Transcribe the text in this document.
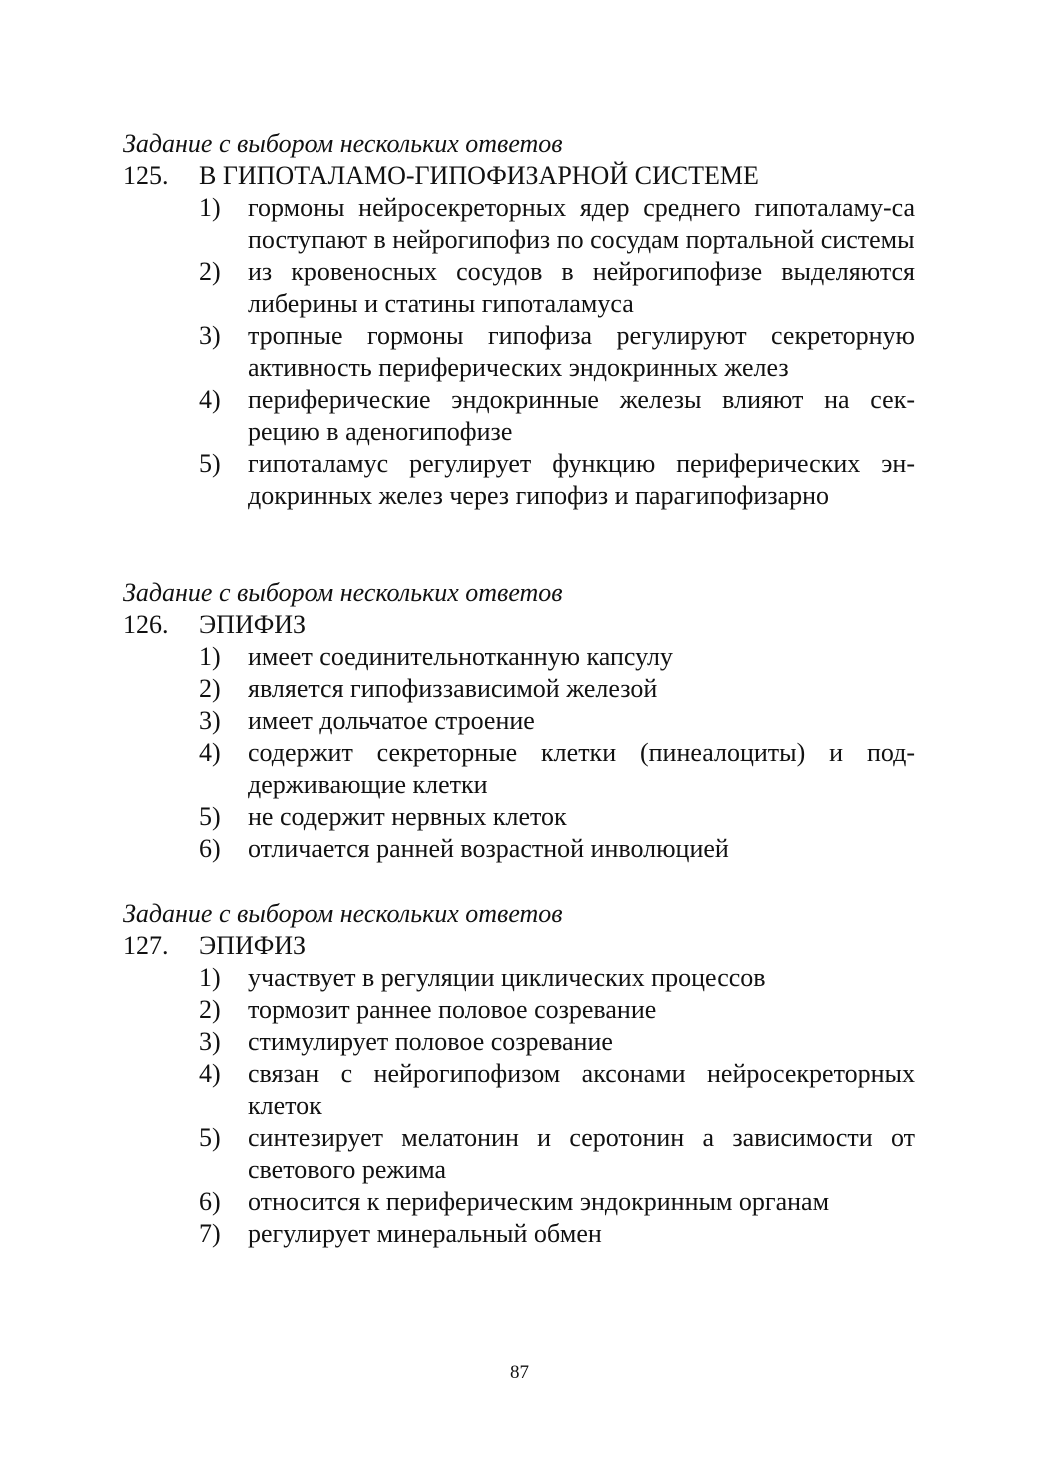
Задание с выбором нескольких ответов
125. В ГИПОТАЛАМО-ГИПОФИЗАРНОЙ СИСТЕМЕ
1) гормоны нейросекреторных ядер среднего гипоталаму-са поступают в нейрогипофиз по сосудам портальной системы
2) из кровеносных сосудов в нейрогипофизе выделяются либерины и статины гипоталамуса
3) тропные гормоны гипофиза регулируют секреторную активность периферических эндокринных желез
4) периферические эндокринные железы влияют на сек-рецию в аденогипофизе
5) гипоталамус регулирует функцию периферических эн-докринных желез через гипофиз и парагипофизарно
Задание с выбором нескольких ответов
126. ЭПИФИЗ
1) имеет соединительнотканную капсулу
2) является гипофиззависимой железой
3) имеет дольчатое строение
4) содержит секреторные клетки (пинеалоциты) и под-держивающие клетки
5) не содержит нервных клеток
6) отличается ранней возрастной инволюцией
Задание с выбором нескольких ответов
127. ЭПИФИЗ
1) участвует в регуляции циклических процессов
2) тормозит раннее половое созревание
3) стимулирует половое созревание
4) связан с нейрогипофизом аксонами нейросекреторных клеток
5) синтезирует мелатонин и серотонин а зависимости от светового режима
6) относится к периферическим эндокринным органам
7) регулирует минеральный обмен
87
